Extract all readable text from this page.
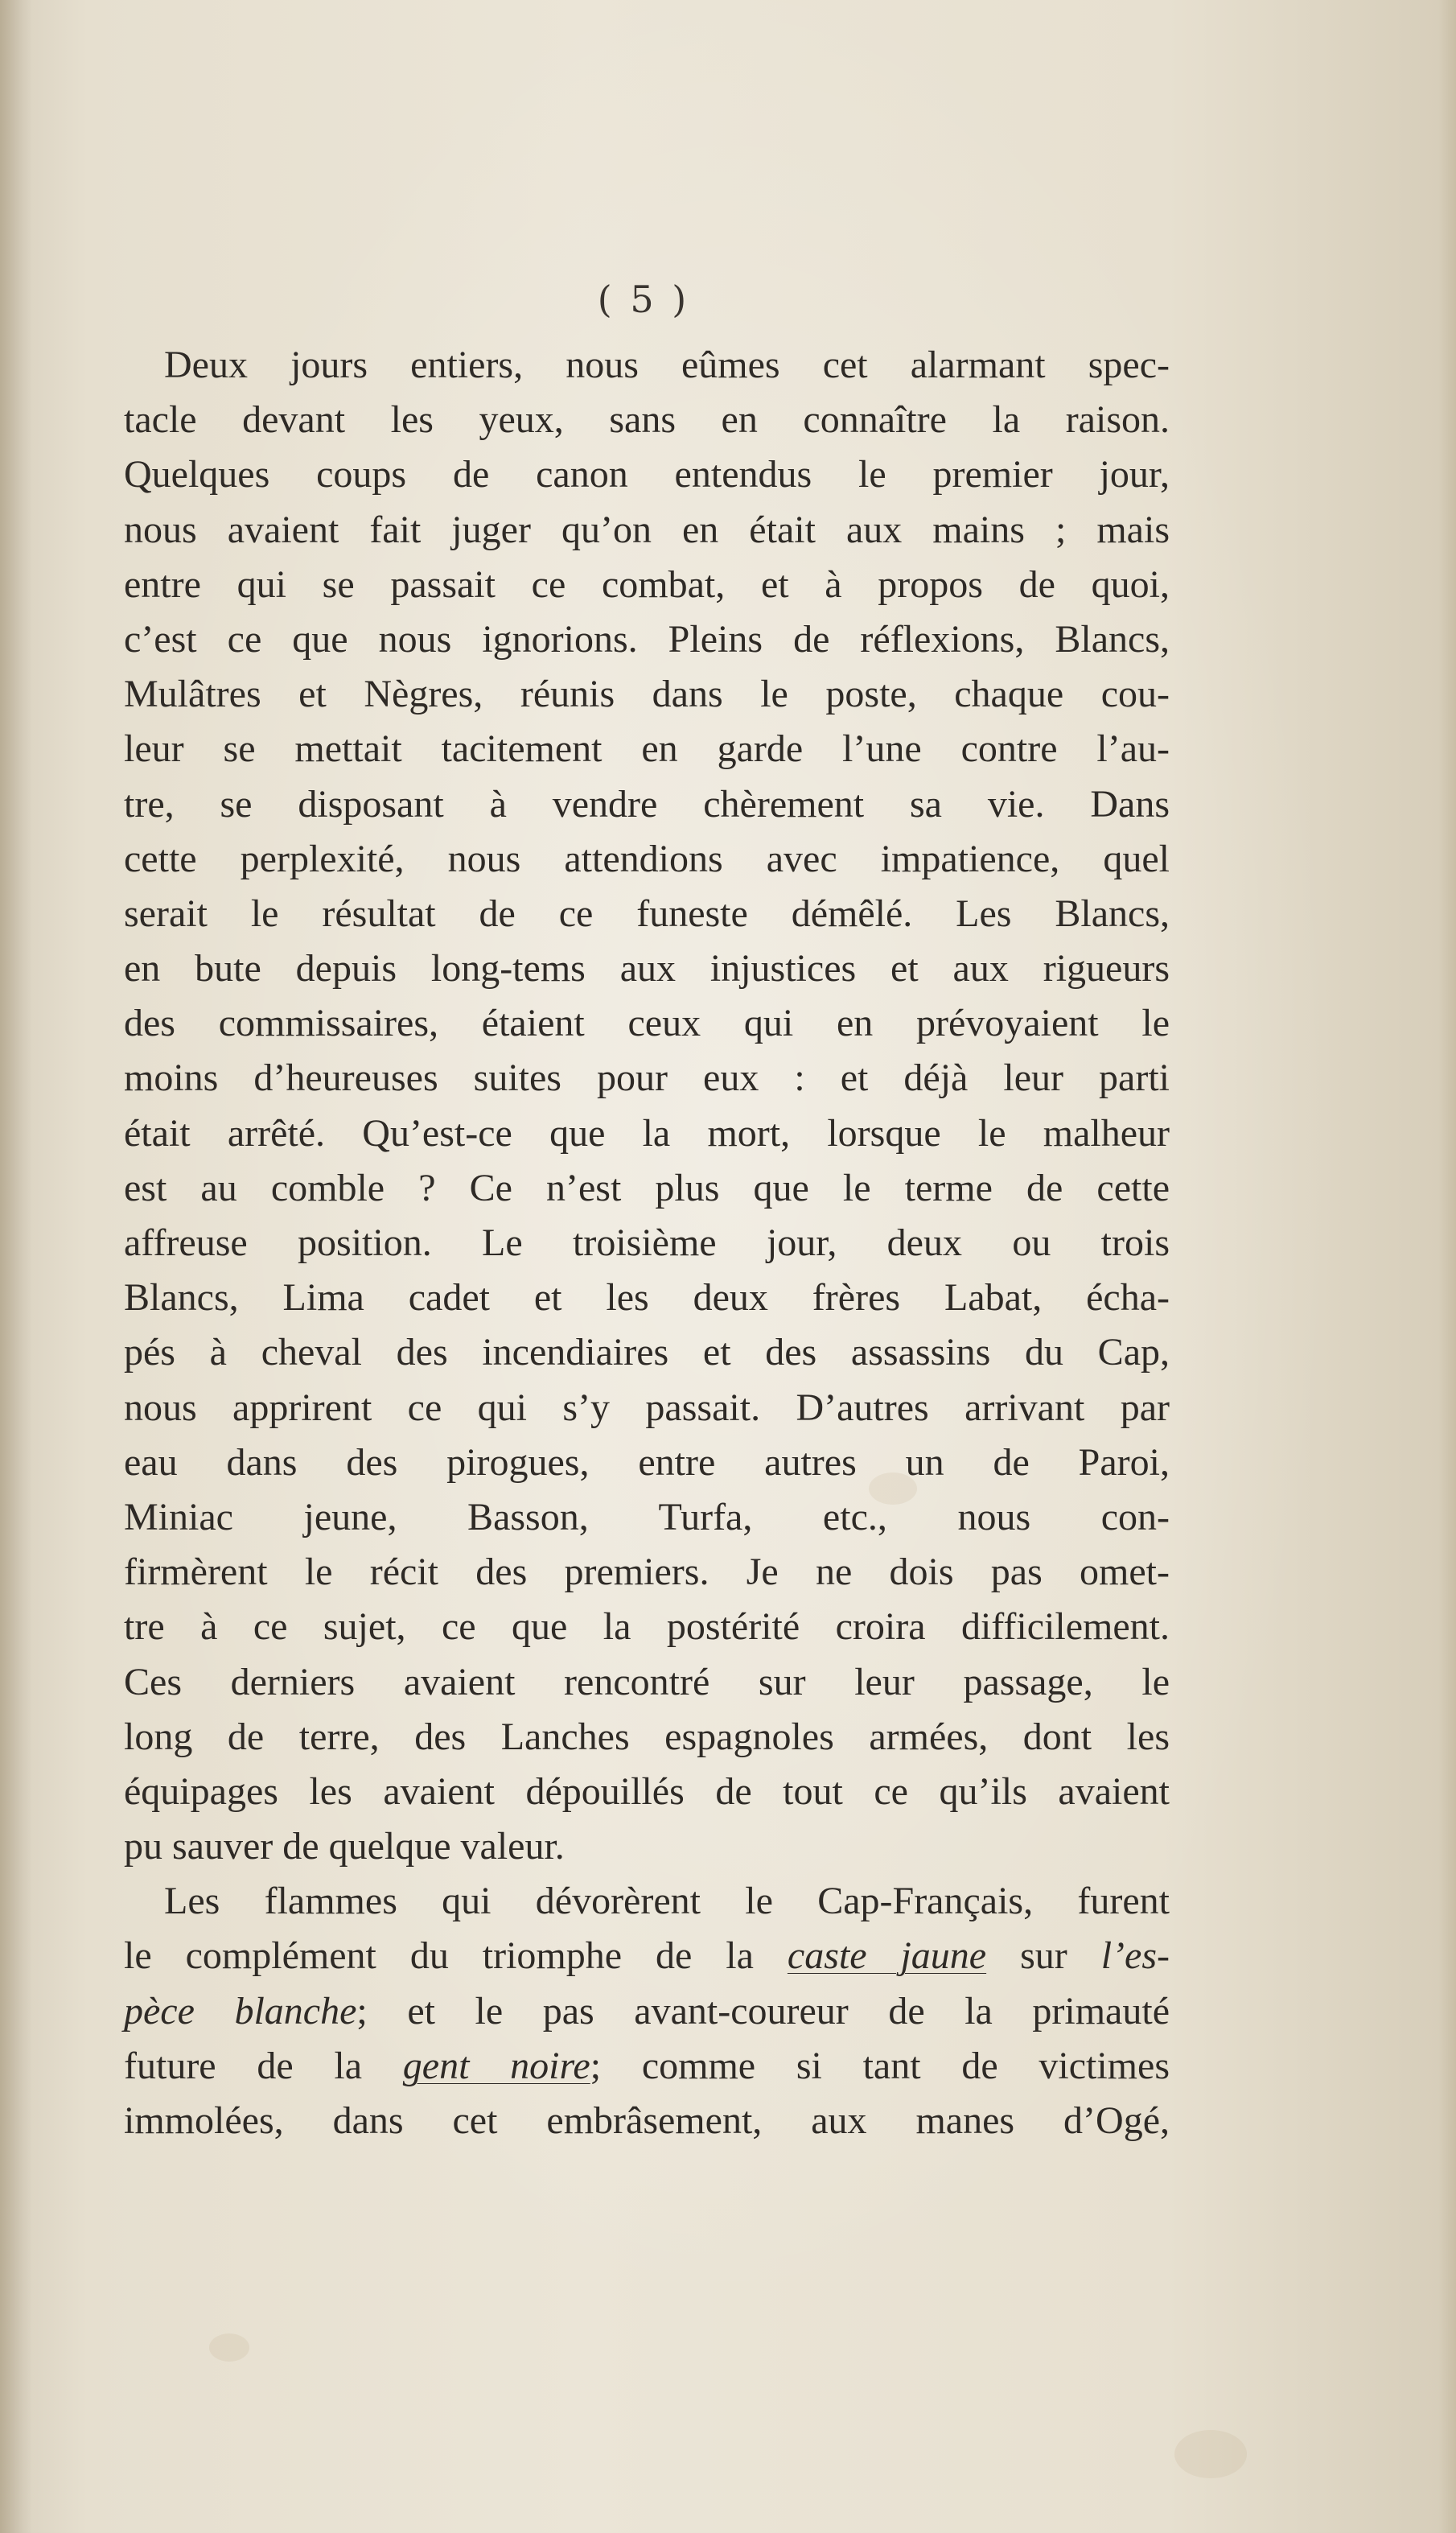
( 5 )
Deux jours entiers, nous eûmes cet alarmant spec-
tacle devant les yeux, sans en connaître la raison.
Quelques coups de canon entendus le premier jour,
nous avaient fait juger qu’on en était aux mains ; mais
entre qui se passait ce combat, et à propos de quoi,
c’est ce que nous ignorions. Pleins de réflexions, Blancs,
Mulâtres et Nègres, réunis dans le poste, chaque cou-
leur se mettait tacitement en garde l’une contre l’au-
tre, se disposant à vendre chèrement sa vie. Dans
cette perplexité, nous attendions avec impatience, quel
serait le résultat de ce funeste démêlé. Les Blancs,
en bute depuis long-tems aux injustices et aux rigueurs
des commissaires, étaient ceux qui en prévoyaient le
moins d’heureuses suites pour eux : et déjà leur parti
était arrêté. Qu’est-ce que la mort, lorsque le malheur
est au comble ? Ce n’est plus que le terme de cette
affreuse position. Le troisième jour, deux ou trois
Blancs, Lima cadet et les deux frères Labat, écha-
pés à cheval des incendiaires et des assassins du Cap,
nous apprirent ce qui s’y passait. D’autres arrivant par
eau dans des pirogues, entre autres un de Paroi,
Miniac jeune, Basson, Turfa, etc., nous con-
firmèrent le récit des premiers. Je ne dois pas omet-
tre à ce sujet, ce que la postérité croira difficilement.
Ces derniers avaient rencontré sur leur passage, le
long de terre, des Lanches espagnoles armées, dont les
équipages les avaient dépouillés de tout ce qu’ils avaient
pu sauver de quelque valeur.
Les flammes qui dévorèrent le Cap-Français, furent
le complément du triomphe de la caste jaune sur l’es-
pèce blanche; et le pas avant-coureur de la primauté
future de la gent noire; comme si tant de victimes
immolées, dans cet embrâsement, aux manes d’Ogé,
